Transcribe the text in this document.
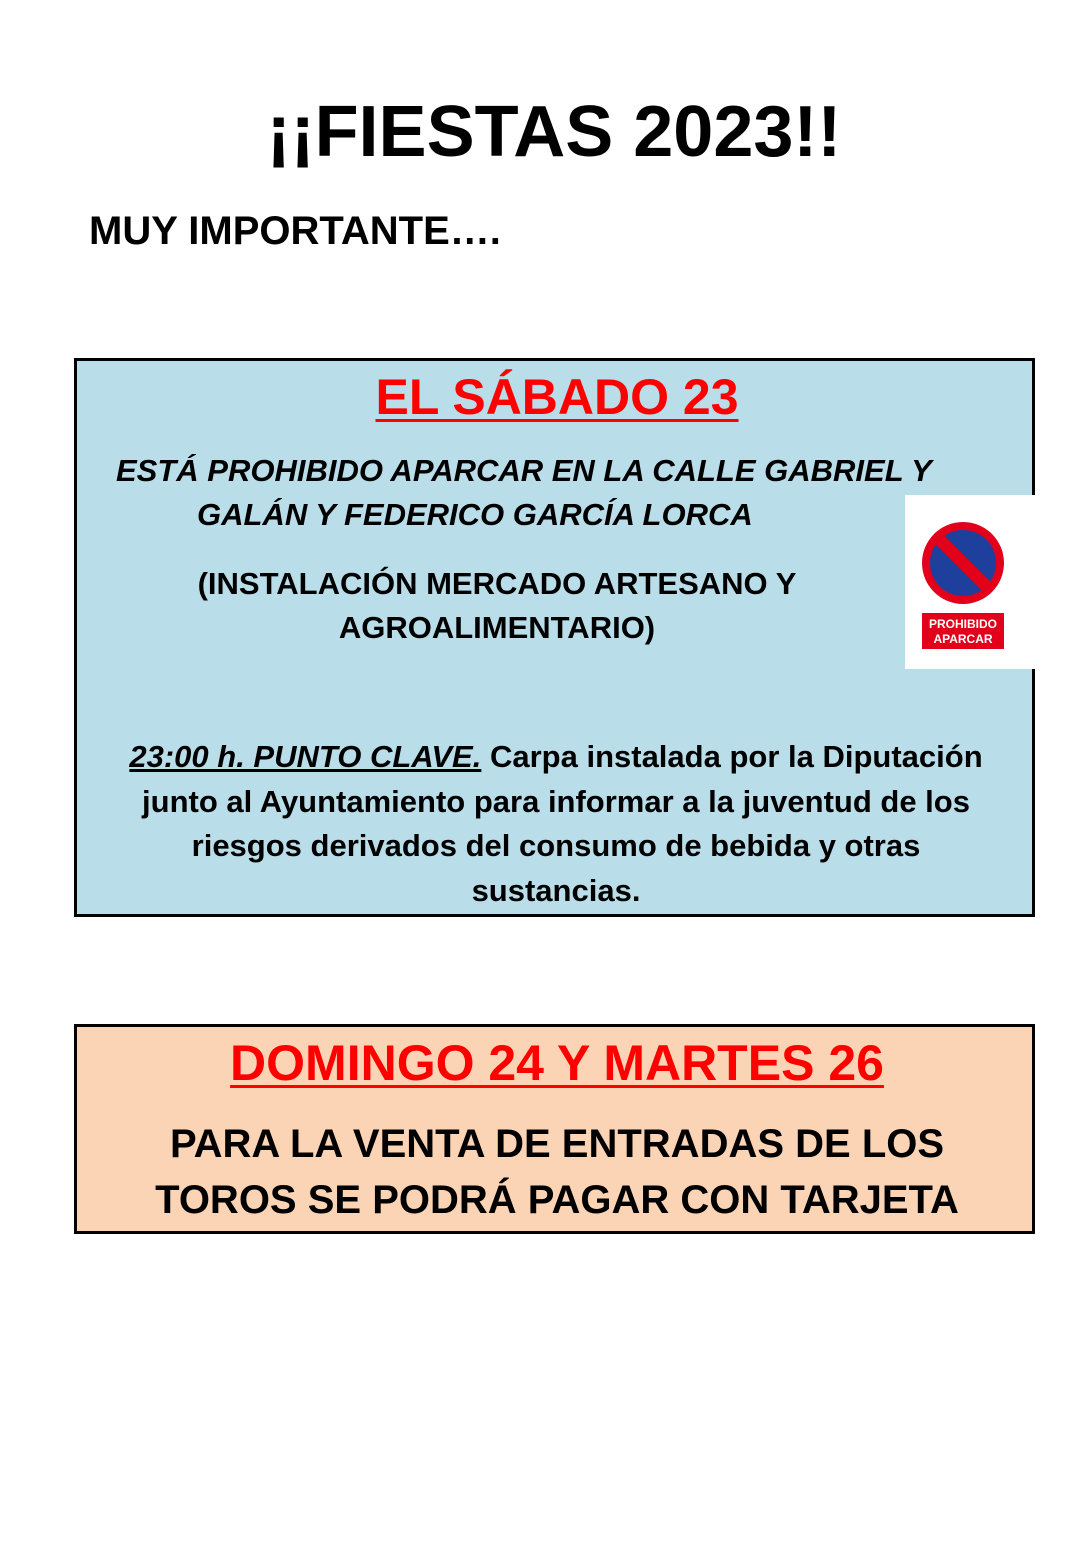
¡¡FIESTAS 2023!!
MUY IMPORTANTE….
EL SÁBADO 23
ESTÁ PROHIBIDO APARCAR EN LA CALLE GABRIEL Y
GALÁN Y FEDERICO GARCÍA LORCA
(INSTALACIÓN MERCADO ARTESANO Y
AGROALIMENTARIO)
23:00 h. PUNTO CLAVE. Carpa instalada por la Diputación
junto al Ayuntamiento para informar a la juventud de los
riesgos derivados del consumo de bebida y otras
sustancias.
PROHIBIDO
APARCAR
DOMINGO 24 Y MARTES 26
PARA LA VENTA DE ENTRADAS DE LOS
TOROS SE PODRÁ PAGAR CON TARJETA
